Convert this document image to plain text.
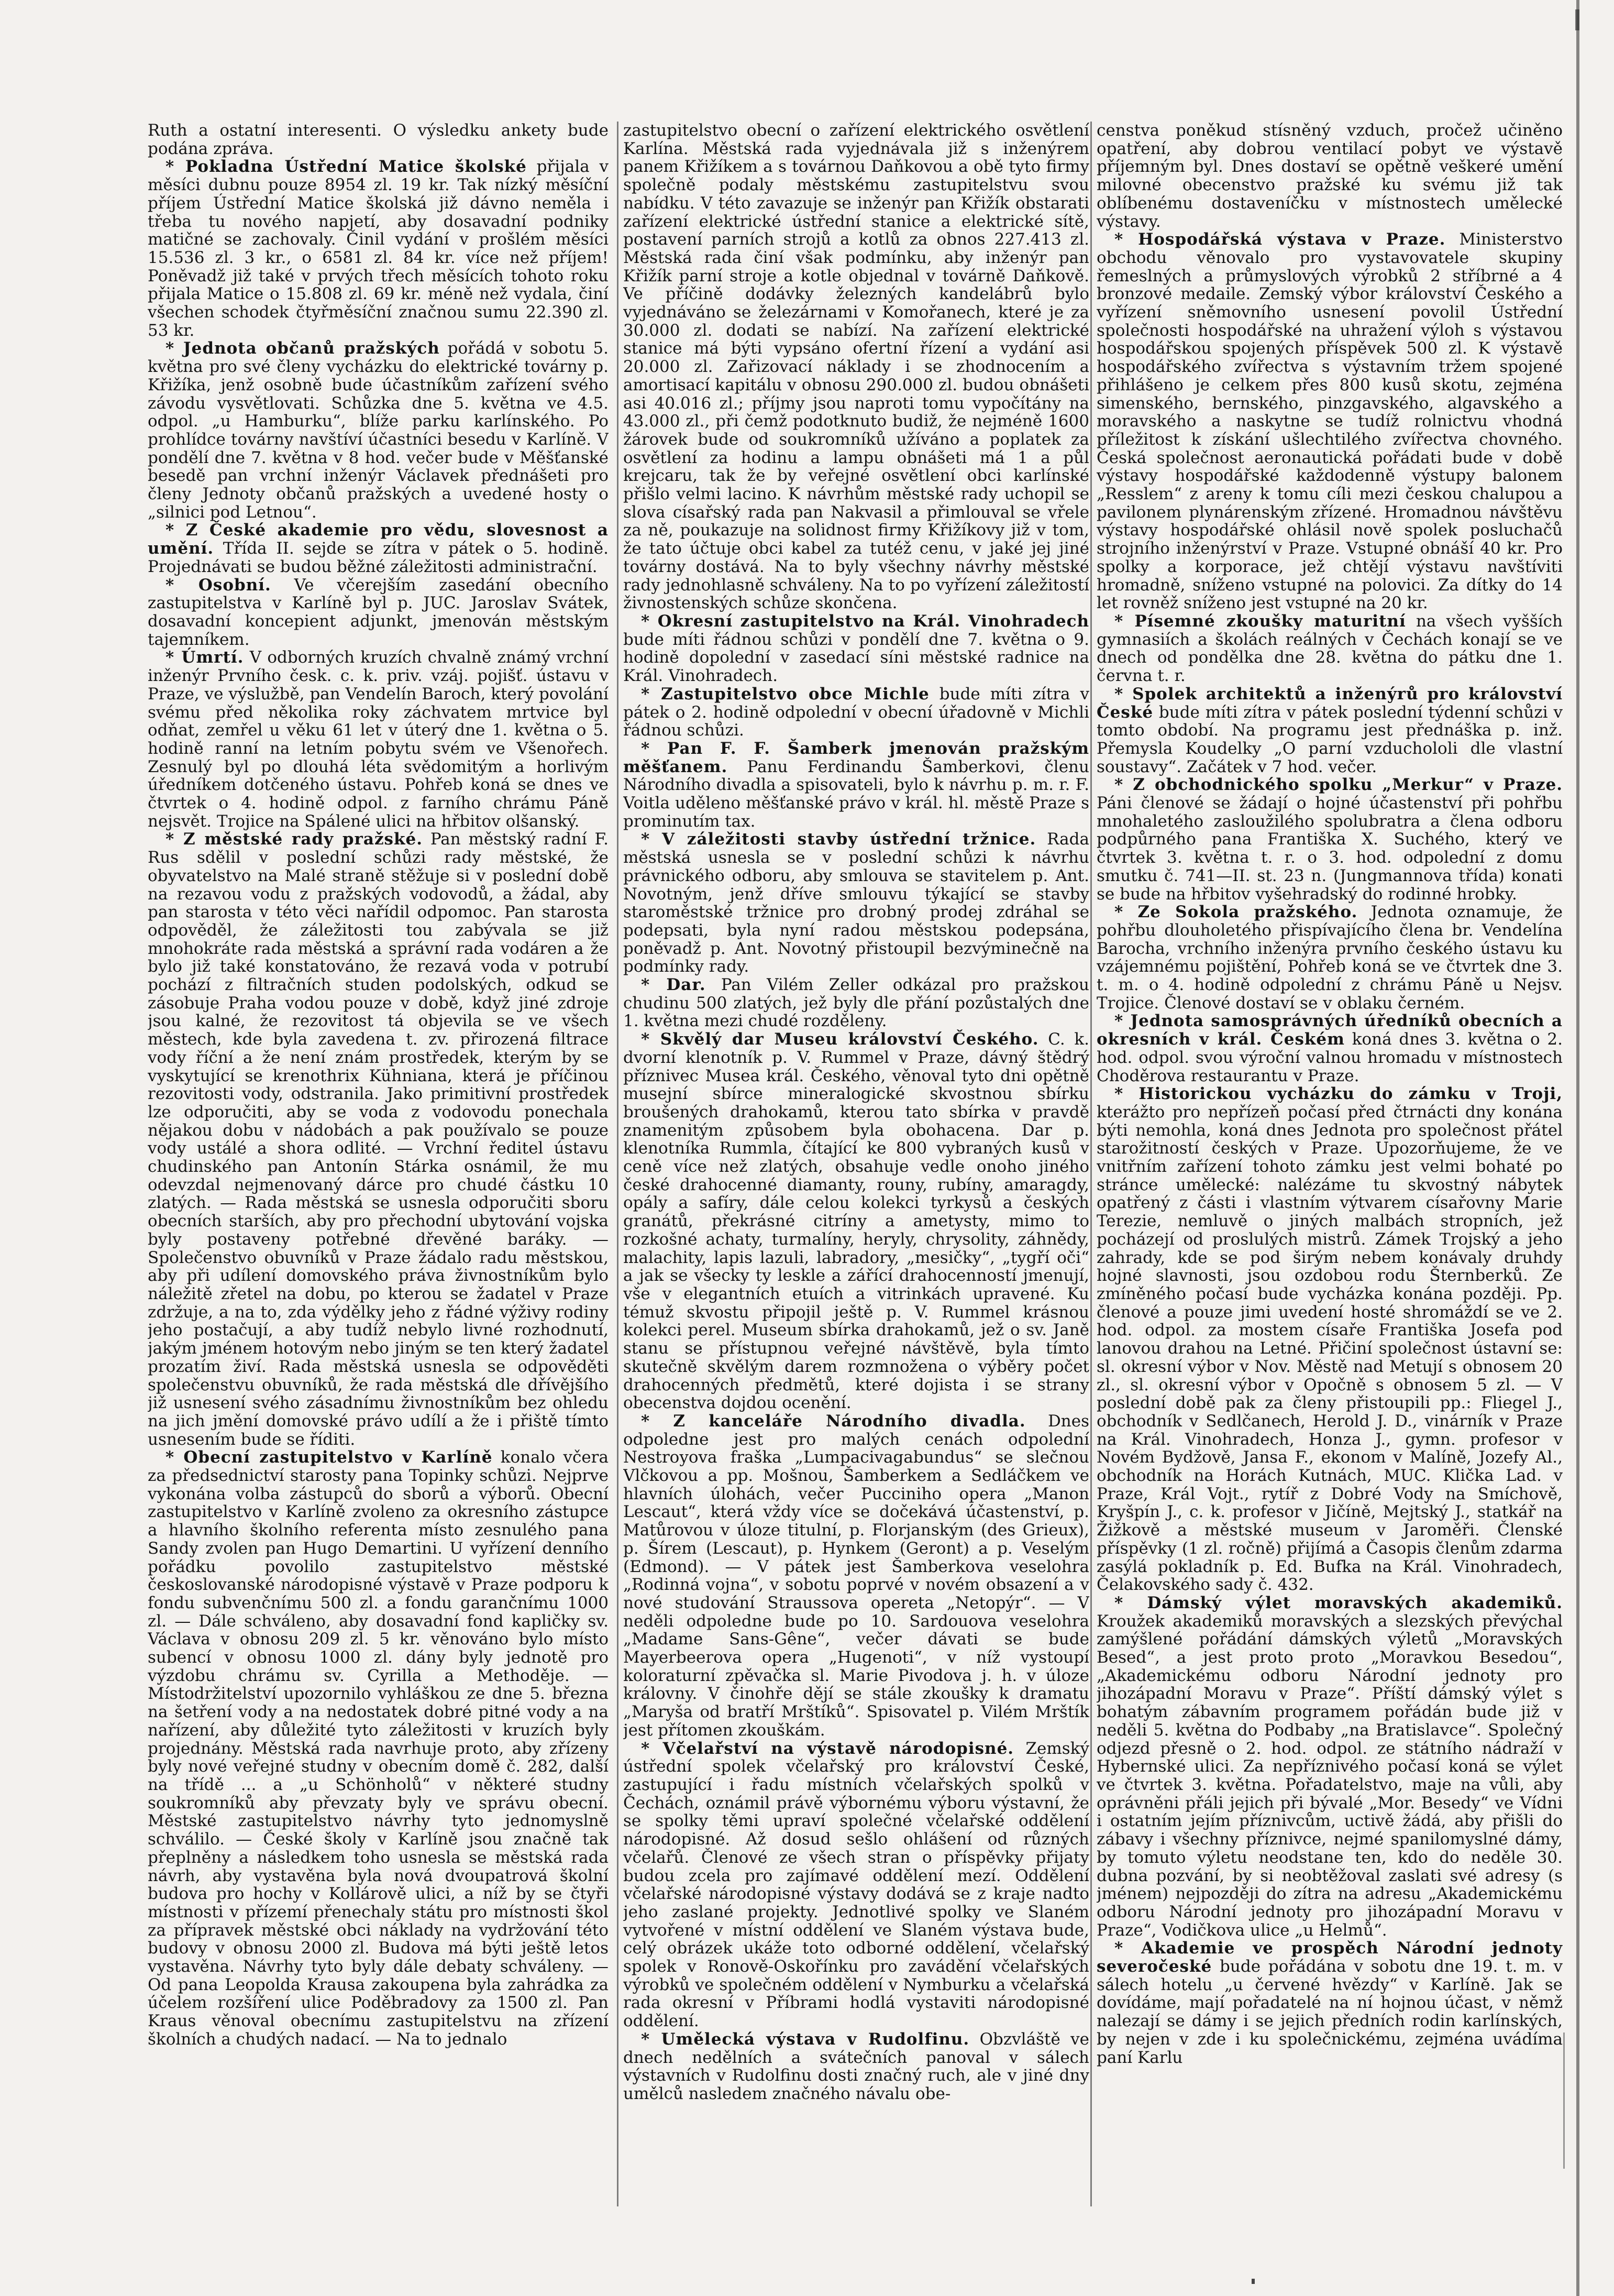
Ruth a ostatní interesenti. O výsledku ankety bude podána zpráva.

* Pokladna Ústřední Matice školské přijala v měsíci dubnu pouze 8954 zl. 19 kr. Tak nízký měsíční příjem Ústřední Matice školská již dávno neměla i třeba tu nového napjetí, aby dosavadní podniky matičné se zachovaly. Činil vydání v prošlém měsíci 15.536 zl. 3 kr., o 6581 zl. 84 kr. více než příjem! Poněvadž již také v prvých třech měsících tohoto roku přijala Matice o 15.808 zl. 69 kr. méně než vydala, činí všechen schodek čtyřměsíční značnou sumu 22.390 zl. 53 kr.

* Jednota občanů pražských pořádá v sobotu 5. května pro své členy vycházku do elektrické továrny p. Křižíka, jenž osobně bude účastníkům zařízení svého závodu vysvětlovati. Schůzka dne 5. května ve 4.5. odpol. „u Hamburku“, blíže parku karlínského. Po prohlídce továrny navštíví účastníci besedu v Karlíně. V pondělí dne 7. května v 8 hod. večer bude v Měšťanské besedě pan vrchní inženýr Václavek přednášeti pro členy Jednoty občanů pražských a uvedené hosty o „silnici pod Letnou“.

* Z České akademie pro vědu, slovesnost a umění. Třída II. sejde se zítra v pátek o 5. hodině. Projednávati se budou běžné záležitosti administrační.

* Osobní. Ve včerejším zasedání obecního zastupitelstva v Karlíně byl p. JUC. Jaroslav Svátek, dosavadní koncepient adjunkt, jmenován městským tajemníkem.

* Úmrtí. V odborných kruzích chvalně známý vrchní inženýr Prvního česk. c. k. priv. vzáj. pojišť. ústavu v Praze, ve výslužbě, pan Vendelín Baroch, který povolání svému před několika roky záchvatem mrtvice byl odňat, zemřel u věku 61 let v úterý dne 1. května o 5. hodině ranní na letním pobytu svém ve Všenořech. Zesnulý byl po dlouhá léta svědomitým a horlivým úředníkem dotčeného ústavu. Pohřeb koná se dnes ve čtvrtek o 4. hodině odpol. z farního chrámu Páně nejsvět. Trojice na Spálené ulici na hřbitov olšanský.

* Z městské rady pražské. Pan městský radní F. Rus sdělil v poslední schůzi rady městské, že obyvatelstvo na Malé straně stěžuje si v poslední době na rezavou vodu z pražských vodovodů, a žádal, aby pan starosta v této věci nařídil odpomoc. Pan starosta odpověděl, že záležitosti tou zabývala se již mnohokráte rada městská a správní rada vodáren a že bylo již také konstatováno, že rezavá voda v potrubí pochází z filtračních studen podolských, odkud se zásobuje Praha vodou pouze v době, když jiné zdroje jsou kalné, že rezovitost tá objevila se ve všech městech, kde byla zavedena t. zv. přirozená filtrace vody říční a že není znám prostředek, kterým by se vyskytující se krenothrix Kühniana, která je příčinou rezovitosti vody, odstranila. Jako primitivní prostředek lze odporučiti, aby se voda z vodovodu ponechala nějakou dobu v nádobách a pak používalo se pouze vody ustálé a shora odlité. — Vrchní ředitel ústavu chudinského pan Antonín Stárka osnámil, že mu odevzdal nejmenovaný dárce pro chudé částku 10 zlatých. — Rada městská se usnesla odporučiti sboru obecních starších, aby pro přechodní ubytování vojska byly postaveny potřebné dřevěné baráky. — Společenstvo obuvníků v Praze žádalo radu městskou, aby při udílení domovského práva živnostníkům bylo náležitě zřetel na dobu, po kterou se žadatel v Praze zdržuje, a na to, zda výdělky jeho z řádné výživy rodiny jeho postačují, a aby tudíž nebylo livné rozhodnutí, jakým jménem hotovým nebo jiným se ten který žadatel prozatím živí. Rada městská usnesla se odpověděti společenstvu obuvníků, že rada městská dle dřívějšího již usnesení svého zásadnímu živnostníkům bez ohledu na jich jmění domovské právo udílí a že i přiště tímto usnesením bude se říditi.

* Obecní zastupitelstvo v Karlíně konalo včera za předsednictví starosty pana Topinky schůzi. Nejprve vykonána volba zástupců do sborů a výborů. Obecní zastupitelstvo v Karlíně zvoleno za okresního zástupce a hlavního školního referenta místo zesnulého pana Sandy zvolen pan Hugo Demartini. U vyřízení denního pořádku povolilo zastupitelstvo městské českoslovanské národopisné výstavě v Praze podporu k fondu subvenčnímu 500 zl. a fondu garančnímu 1000 zl. — Dále schváleno, aby dosavadní fond kapličky sv. Václava v obnosu 209 zl. 5 kr. věnováno bylo místo subencí v obnosu 1000 zl. dány byly jednotě pro výzdobu chrámu sv. Cyrilla a Methoděje. — Místodržitelství upozornilo vyhláškou ze dne 5. března na šetření vody a na nedostatek dobré pitné vody a na nařízení, aby důležité tyto záležitosti v kruzích byly projednány. Městská rada navrhuje proto, aby zřízeny byly nové veřejné studny v obecním domě č. 282, další na třídě ... a „u Schönholů“ v některé studny soukromníků aby převzaty byly ve správu obecní. Městské zastupitelstvo návrhy tyto jednomyslně schválilo. — České školy v Karlíně jsou značně tak přeplněny a následkem toho usnesla se městská rada návrh, aby vystavěna byla nová dvoupatrová školní budova pro hochy v Kollárově ulici, a níž by se čtyři místnosti v přízemí přenechaly státu pro místnosti škol za přípravek městské obci náklady na vydržování této budovy v obnosu 2000 zl. Budova má býti ještě letos vystavěna. Návrhy tyto byly dále debaty schváleny. — Od pana Leopolda Krausa zakoupena byla zahrádka za účelem rozšíření ulice Poděbradovy za 1500 zl. Pan Kraus věnoval obecnímu zastupitelstvu na zřízení školních a chudých nadací. — Na to jednalo

zastupitelstvo obecní o zařízení elektrického osvětlení Karlína. Městská rada vyjednávala již s inženýrem panem Křižíkem a s továrnou Daňkovou a obě tyto firmy společně podaly městskému zastupitelstvu svou nabídku. V této zavazuje se inženýr pan Křižík obstarati zařízení elektrické ústřední stanice a elektrické sítě, postavení parních strojů a kotlů za obnos 227.413 zl. Městská rada činí však podmínku, aby inženýr pan Křižík parní stroje a kotle objednal v továrně Daňkově. Ve příčině dodávky železných kandelábrů bylo vyjednáváno se železárnami v Komořanech, které je za 30.000 zl. dodati se nabízí. Na zařízení elektrické stanice má býti vypsáno ofertní řízení a vydání asi 20.000 zl. Zařizovací náklady i se zhodnocením a amortisací kapitálu v obnosu 290.000 zl. budou obnášeti asi 40.016 zl.; příjmy jsou naproti tomu vypočítány na 43.000 zl., při čemž podotknuto budiž, že nejméně 1600 žárovek bude od soukromníků užíváno a poplatek za osvětlení za hodinu a lampu obnášeti má 1 a půl krejcaru, tak že by veřejné osvětlení obci karlínské přišlo velmi lacino. K návrhům městské rady uchopil se slova císařský rada pan Nakvasil a přimlouval se vřele za ně, poukazuje na solidnost firmy Křižíkovy již v tom, že tato účtuje obci kabel za tutéž cenu, v jaké jej jiné továrny dostává. Na to byly všechny návrhy městské rady jednohlasně schváleny. Na to po vyřízení záležitostí živnostenských schůze skončena.

* Okresní zastupitelstvo na Král. Vinohradech bude míti řádnou schůzi v pondělí dne 7. května o 9. hodině dopolední v zasedací síni městské radnice na Král. Vinohradech.

* Zastupitelstvo obce Michle bude míti zítra v pátek o 2. hodině odpolední v obecní úřadovně v Michli řádnou schůzi.

* Pan F. F. Šamberk jmenován pražským měšťanem. Panu Ferdinandu Šamberkovi, členu Národního divadla a spisovateli, bylo k návrhu p. m. r. F. Voitla uděleno měšťanské právo v král. hl. městě Praze s prominutím tax.

* V záležitosti stavby ústřední tržnice. Rada městská usnesla se v poslední schůzi k návrhu právnického odboru, aby smlouva se stavitelem p. Ant. Novotným, jenž dříve smlouvu týkající se stavby staroměstské tržnice pro drobný prodej zdráhal se podepsati, byla nyní radou městskou podepsána, poněvadž p. Ant. Novotný přistoupil bezvýminečně na podmínky rady.

* Dar. Pan Vilém Zeller odkázal pro pražskou chudinu 500 zlatých, jež byly dle přání pozůstalých dne 1. května mezi chudé rozděleny.

* Skvělý dar Museu království Českého. C. k. dvorní klenotník p. V. Rummel v Praze, dávný štědrý příznivec Musea král. Českého, věnoval tyto dni opětně musejní sbírce mineralogické skvostnou sbírku broušených drahokamů, kterou tato sbírka v pravdě znamenitým způsobem byla obohacena. Dar p. klenotníka Rummla, čítající ke 800 vybraných kusů v ceně více než zlatých, obsahuje vedle onoho jiného české drahocenné diamanty, rouny, rubíny, amaragdy, opály a safíry, dále celou kolekci tyrkysů a českých granátů, překrásné citríny a ametysty, mimo to rozkošné achaty, turmalíny, heryly, chrysolity, záhnědy, malachity, lapis lazuli, labradory, „mesičky“, „tygří oči“ a jak se všecky ty leskle a zářící drahocenností jmenují, vše v elegantních etuích a vitrinkách upravené. Ku témuž skvostu připojil ještě p. V. Rummel krásnou kolekci perel. Museum sbírka drahokamů, jež o sv. Janě stanu se přístupnou veřejné návštěvě, byla tímto skutečně skvělým darem rozmnožena o výběry počet drahocenných předmětů, které dojista i se strany obecenstva dojdou ocenění.

* Z kanceláře Národního divadla. Dnes odpoledne jest pro malých cenách odpolední Nestroyova fraška „Lumpacivagabundus“ se slečnou Vlčkovou a pp. Mošnou, Šamberkem a Sedláčkem ve hlavních úlohách, večer Pucciniho opera „Manon Lescaut“, která vždy více se dočekává účastenství, p. Matůrovou v úloze titulní, p. Florjanským (des Grieux), p. Šírem (Lescaut), p. Hynkem (Geront) a p. Veselým (Edmond). — V pátek jest Šamberkova veselohra „Rodinná vojna“, v sobotu poprvé v novém obsazení a v nové studování Straussova opereta „Netopýr“. — V neděli odpoledne bude po 10. Sardouova veselohra „Madame Sans-Gêne“, večer dávati se bude Mayerbeerova opera „Hugenoti“, v níž vystoupí koloraturní zpěvačka sl. Marie Pivodova j. h. v úloze královny. V činohře dějí se stále zkoušky k dramatu „Maryša od bratří Mrštíků“. Spisovatel p. Vilém Mrštík jest přítomen zkouškám.

* Včelařství na výstavě národopisné. Zemský ústřední spolek včelařský pro království České, zastupující i řadu místních včelařských spolků v Čechách, oznámil právě výbornému výboru výstavní, že se spolky těmi upraví společné včelařské oddělení národopisné. Až dosud sešlo ohlášení od různých včelařů. Členové ze všech stran o příspěvky přijaty budou zcela pro zajímavé oddělení mezí. Oddělení včelařské národopisné výstavy dodává se z kraje nadto jeho zaslané projekty. Jednotlivé spolky ve Slaném vytvořené v místní oddělení ve Slaném výstava bude, celý obrázek ukáže toto odborné oddělení, včelařský spolek v Ronově-Oskořínku pro zavádění včelařských výrobků ve společném oddělení v Nymburku a včelařská rada okresní v Příbrami hodlá vystaviti národopisné oddělení.

* Umělecká výstava v Rudolfinu. Obzvláště ve dnech nedělních a svátečních panoval v sálech výstavních v Rudolfinu dosti značný ruch, ale v jiné dny umělců nasledem značného návalu obe-

censtva poněkud stísněný vzduch, pročež učiněno opatření, aby dobrou ventilací pobyt ve výstavě příjemným byl. Dnes dostaví se opětně veškeré umění milovné obecenstvo pražské ku svému již tak oblíbenému dostaveníčku v místnostech umělecké výstavy.

* Hospodářská výstava v Praze. Ministerstvo obchodu věnovalo pro vystavovatele skupiny řemeslných a průmyslových výrobků 2 stříbrné a 4 bronzové medaile. Zemský výbor království Českého a vyřízení sněmovního usnesení povolil Ústřední společnosti hospodářské na uhražení výloh s výstavou hospodářskou spojených příspěvek 500 zl. K výstavě hospodářského zvířectva s výstavním tržem spojené přihlášeno je celkem přes 800 kusů skotu, zejména simenského, bernského, pinzgavského, algavského a moravského a naskytne se tudíž rolnictvu vhodná příležitost k získání ušlechtilého zvířectva chovného. Česká společnost aeronautická pořádati bude v době výstavy hospodářské každodenně výstupy balonem „Resslem“ z areny k tomu cíli mezi českou chalupou a pavilonem plynárenským zřízené. Hromadnou návštěvu výstavy hospodářské ohlásil nově spolek posluchačů strojního inženýrství v Praze. Vstupné obnáší 40 kr. Pro spolky a korporace, jež chtějí výstavu navštíviti hromadně, sníženo vstupné na polovici. Za dítky do 14 let rovněž sníženo jest vstupné na 20 kr.

* Písemné zkoušky maturitní na všech vyšších gymnasiích a školách reálných v Čechách konají se ve dnech od pondělka dne 28. května do pátku dne 1. června t. r.

* Spolek architektů a inženýrů pro království České bude míti zítra v pátek poslední týdenní schůzi v tomto období. Na programu jest přednáška p. inž. Přemysla Koudelky „O parní vzduchololi dle vlastní soustavy“. Začátek v 7 hod. večer.

* Z obchodnického spolku „Merkur“ v Praze. Páni členové se žádají o hojné účastenství při pohřbu mnohaletého zasloužilého spolubratra a člena odboru podpůrného pana Františka X. Suchého, který ve čtvrtek 3. května t. r. o 3. hod. odpolední z domu smutku č. 741—II. st. 23 n. (Jungmannova třída) konati se bude na hřbitov vyšehradský do rodinné hrobky.

* Ze Sokola pražského. Jednota oznamuje, že pohřbu dlouholetého přispívajícího člena br. Vendelína Barocha, vrchního inženýra prvního českého ústavu ku vzájemnému pojištění, Pohřeb koná se ve čtvrtek dne 3. t. m. o 4. hodině odpolední z chrámu Páně u Nejsv. Trojice. Členové dostaví se v oblaku černém.

* Jednota samosprávných úředníků obecních a okresních v král. Českém koná dnes 3. května o 2. hod. odpol. svou výroční valnou hromadu v místnostech Choděrova restaurantu v Praze.

* Historickou vycházku do zámku v Troji, kterážto pro nepřízeň počasí před čtrnácti dny konána býti nemohla, koná dnes Jednota pro společnost přátel starožitností českých v Praze. Upozorňujeme, že ve vnitřním zařízení tohoto zámku jest velmi bohaté po stránce umělecké: nalézáme tu skvostný nábytek opatřený z části i vlastním výtvarem císařovny Marie Terezie, nemluvě o jiných malbách stropních, jež pocházejí od proslulých mistrů. Zámek Trojský a jeho zahrady, kde se pod širým nebem konávaly druhdy hojné slavnosti, jsou ozdobou rodu Šternberků. Ze zmíněného počasí bude vycházka konána později. Pp. členové a pouze jimi uvedení hosté shromáždí se ve 2. hod. odpol. za mostem císaře Františka Josefa pod lanovou drahou na Letné. Přičiní společnost ústavní se: sl. okresní výbor v Nov. Městě nad Metují s obnosem 20 zl., sl. okresní výbor v Opočně s obnosem 5 zl. — V poslední době pak za členy přistoupili pp.: Fliegel J., obchodník v Sedlčanech, Herold J. D., vinárník v Praze na Král. Vinohradech, Honza J., gymn. profesor v Novém Bydžově, Jansa F., ekonom v Malíně, Jozefy Al., obchodník na Horách Kutnách, MUC. Klička Lad. v Praze, Král Vojt., rytíř z Dobré Vody na Smíchově, Kryšpín J., c. k. profesor v Jičíně, Mejtský J., statkář na Žižkově a městské museum v Jaroměři. Členské příspěvky (1 zl. ročně) přijímá a Časopis členům zdarma zasýlá pokladník p. Ed. Bufka na Král. Vinohradech, Čelakovského sady č. 432.

* Dámský výlet moravských akademiků. Kroužek akademiků moravských a slezských převýchal zamýšlené pořádání dámských výletů „Moravských Besed“, a jest proto proto „Moravkou Besedou“, „Akademickému odboru Národní jednoty pro jihozápadní Moravu v Praze“. Příští dámský výlet s bohatým zábavním programem pořádán bude již v neděli 5. května do Podbaby „na Bratislavce“. Společný odjezd přesně o 2. hod. odpol. ze státního nádraží v Hybernské ulici. Za nepříznivého počasí koná se výlet ve čtvrtek 3. května. Pořadatelstvo, maje na vůli, aby oprávněni přáli jejich při bývalé „Mor. Besedy“ ve Vídni i ostatním jejím příznivcům, uctivě žádá, aby přišli do zábavy i všechny příznivce, nejmé spanilomyslné dámy, by tomuto výletu neodstane ten, kdo do neděle 30. dubna pozvání, by si neobtěžoval zaslati své adresy (s jménem) nejpozději do zítra na adresu „Akademickému odboru Národní jednoty pro jihozápadní Moravu v Praze“, Vodičkova ulice „u Helmů“.

* Akademie ve prospěch Národní jednoty severočeské bude pořádána v sobotu dne 19. t. m. v sálech hotelu „u červené hvězdy“ v Karlíně. Jak se dovídáme, mají pořadatelé na ní hojnou účast, v němž nalezají se dámy i se jejich předních rodin karlínských, by nejen v zde i ku společnickému, zejména uvádíma paní Karlu
